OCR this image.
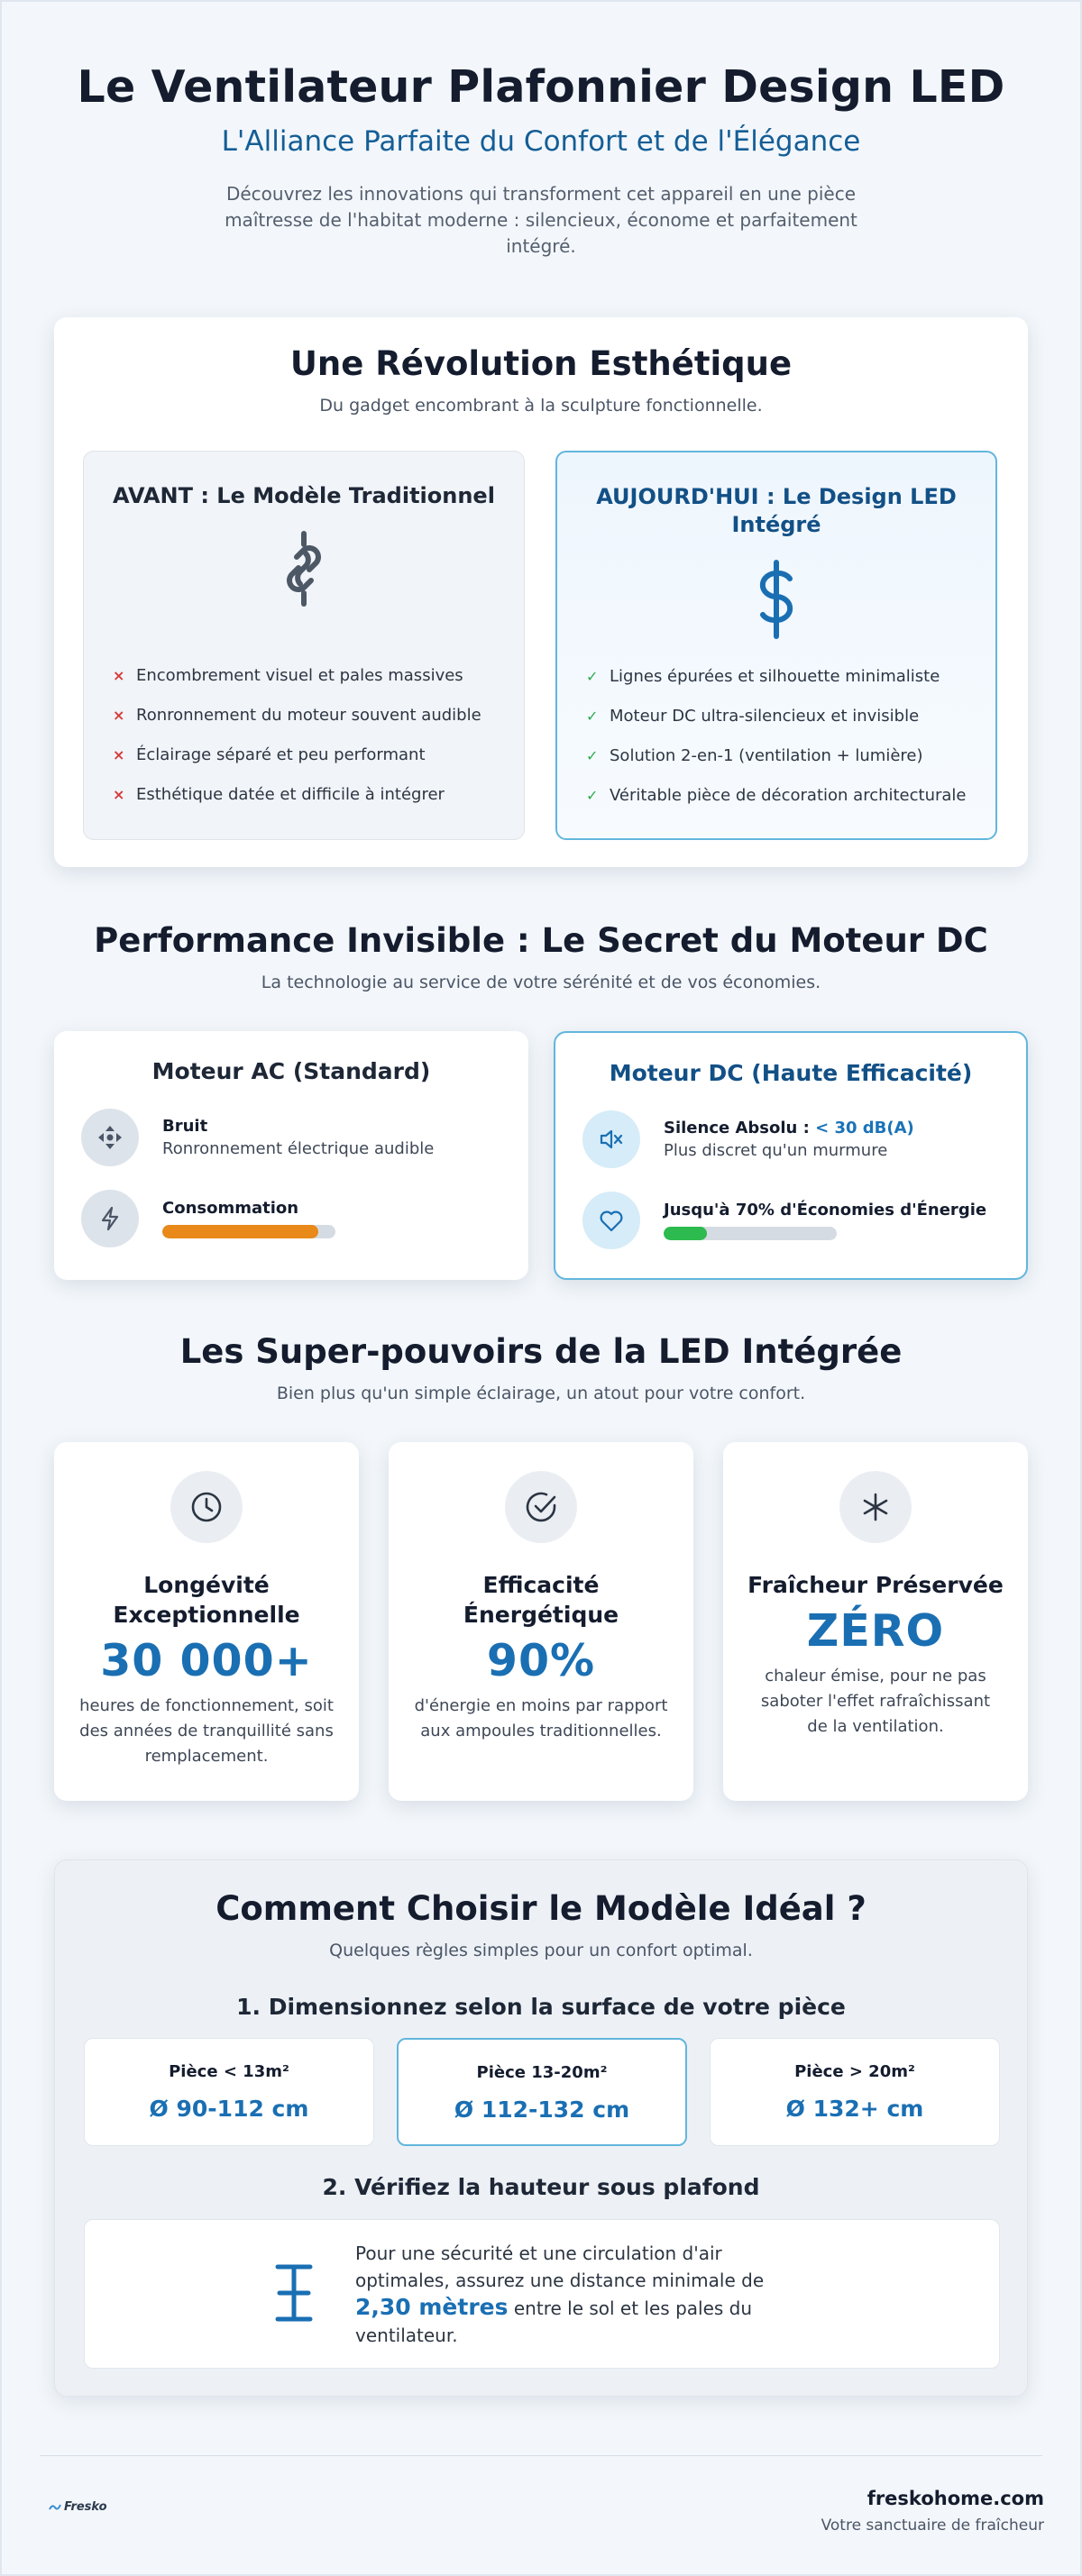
Le Ventilateur Plafonnier Design LED
L'Alliance Parfaite du Confort et de l'Élégance

Découvrez les innovations qui transforment cet appareil en une pièce maîtresse de l'habitat moderne : silencieux, économe et parfaitement intégré.

Une Révolution Esthétique
Du gadget encombrant à la sculpture fonctionnelle.
AVANT : Le Modèle Traditionnel
× Encombrement visuel et pales massives
× Ronronnement du moteur souvent audible
× Éclairage séparé et peu performant
× Esthétique datée et difficile à intégrer
AUJOURD'HUI : Le Design LED Intégré
✓ Lignes épurées et silhouette minimaliste
✓ Moteur DC ultra-silencieux et invisible
✓ Solution 2-en-1 (ventilation + lumière)
✓ Véritable pièce de décoration architecturale
Performance Invisible : Le Secret du Moteur DC
La technologie au service de votre sérénité et de vos économies.
Moteur AC (Standard)
Bruit
Ronronnement électrique audible
Consommation
Moteur DC (Haute Efficacité)
Silence Absolu : < 30 dB(A)
Plus discret qu'un murmure
Jusqu'à 70% d'Économies d'Énergie
Les Super-pouvoirs de la LED Intégrée
Bien plus qu'un simple éclairage, un atout pour votre confort.
Longévité Exceptionnelle
30 000+

heures de fonctionnement, soit des années de tranquillité sans remplacement.

Efficacité Énergétique
90%

d'énergie en moins par rapport aux ampoules traditionnelles.

Fraîcheur Préservée
ZÉRO

chaleur émise, pour ne pas saboter l'effet rafraîchissant de la ventilation.

Comment Choisir le Modèle Idéal ?
Quelques règles simples pour un confort optimal.
1. Dimensionnez selon la surface de votre pièce
Pièce < 13m²
Ø 90-112 cm
Pièce 13-20m²
Ø 112-132 cm
Pièce > 20m²
Ø 132+ cm
2. Vérifiez la hauteur sous plafond
Pour une sécurité et une circulation d'air optimales, assurez une distance minimale de 2,30 mètres entre le sol et les pales du ventilateur.
Fresko	freskohome.com
Votre sanctuaire de fraîcheur
